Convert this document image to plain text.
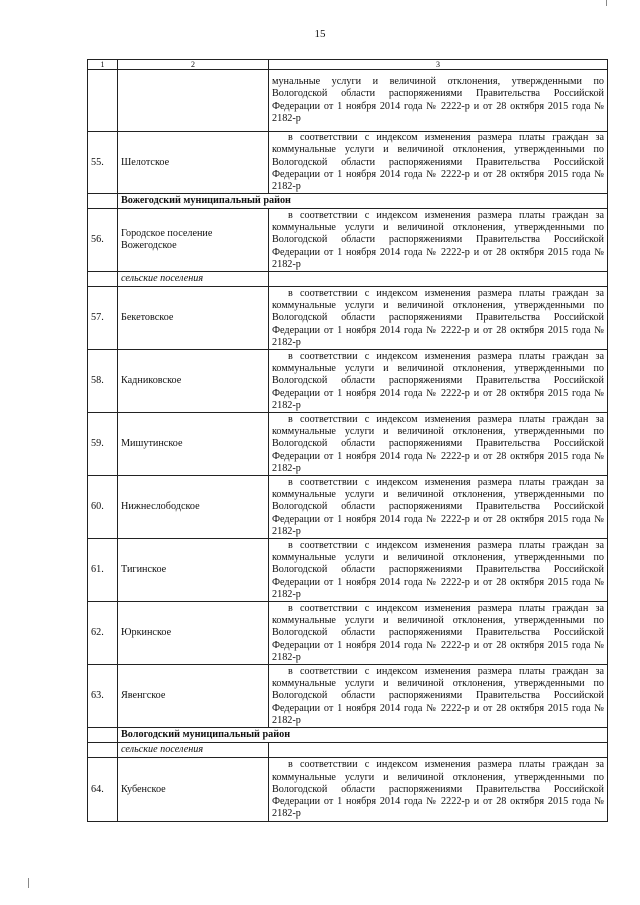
15
1	2	3
		мунальные услуги и величиной отклонения, утвержденными по Вологодской области распоряжениями Правительства Российской Федерации от 1 ноября 2014 года № 2222-р и от 28 октября 2015 года № 2182-р
55.	Шелотское	в соответствии с индексом изменения размера платы граждан за коммунальные услуги и величиной отклонения, утвержденными по Вологодской области распоряжениями Правительства Российской Федерации от 1 ноября 2014 года № 2222-р и от 28 октября 2015 года № 2182-р

	Вожегодский муниципальный район	
56.	Городское поселение Вожегодское	в соответствии с индексом изменения размера платы граждан за коммунальные услуги и величиной отклонения, утвержденными по Вологодской области распоряжениями Правительства Российской Федерации от 1 ноября 2014 года № 2222-р и от 28 октября 2015 года № 2182-р

	сельские поселения	
57.	Бекетовское	в соответствии с индексом изменения размера платы граждан за коммунальные услуги и величиной отклонения, утвержденными по Вологодской области распоряжениями Правительства Российской Федерации от 1 ноября 2014 года № 2222-р и от 28 октября 2015 года № 2182-р

58.	Кадниковское	в соответствии с индексом изменения размера платы граждан за коммунальные услуги и величиной отклонения, утвержденными по Вологодской области распоряжениями Правительства Российской Федерации от 1 ноября 2014 года № 2222-р и от 28 октября 2015 года № 2182-р

59.	Мишутинское	в соответствии с индексом изменения размера платы граждан за коммунальные услуги и величиной отклонения, утвержденными по Вологодской области распоряжениями Правительства Российской Федерации от 1 ноября 2014 года № 2222-р и от 28 октября 2015 года № 2182-р

60.	Нижнеслободское	в соответствии с индексом изменения размера платы граждан за коммунальные услуги и величиной отклонения, утвержденными по Вологодской области распоряжениями Правительства Российской Федерации от 1 ноября 2014 года № 2222-р и от 28 октября 2015 года № 2182-р

61.	Тигинское	в соответствии с индексом изменения размера платы граждан за коммунальные услуги и величиной отклонения, утвержденными по Вологодской области распоряжениями Правительства Российской Федерации от 1 ноября 2014 года № 2222-р и от 28 октября 2015 года № 2182-р

62.	Юркинское	в соответствии с индексом изменения размера платы граждан за коммунальные услуги и величиной отклонения, утвержденными по Вологодской области распоряжениями Правительства Российской Федерации от 1 ноября 2014 года № 2222-р и от 28 октября 2015 года № 2182-р

63.	Явенгское	в соответствии с индексом изменения размера платы граждан за коммунальные услуги и величиной отклонения, утвержденными по Вологодской области распоряжениями Правительства Российской Федерации от 1 ноября 2014 года № 2222-р и от 28 октября 2015 года № 2182-р

	Вологодский муниципальный район	
	сельские поселения	
64.	Кубенское	в соответствии с индексом изменения размера платы граждан за коммунальные услуги и величиной отклонения, утвержденными по Вологодской области распоряжениями Правительства Российской Федерации от 1 ноября 2014 года № 2222-р и от 28 октября 2015 года № 2182-р
